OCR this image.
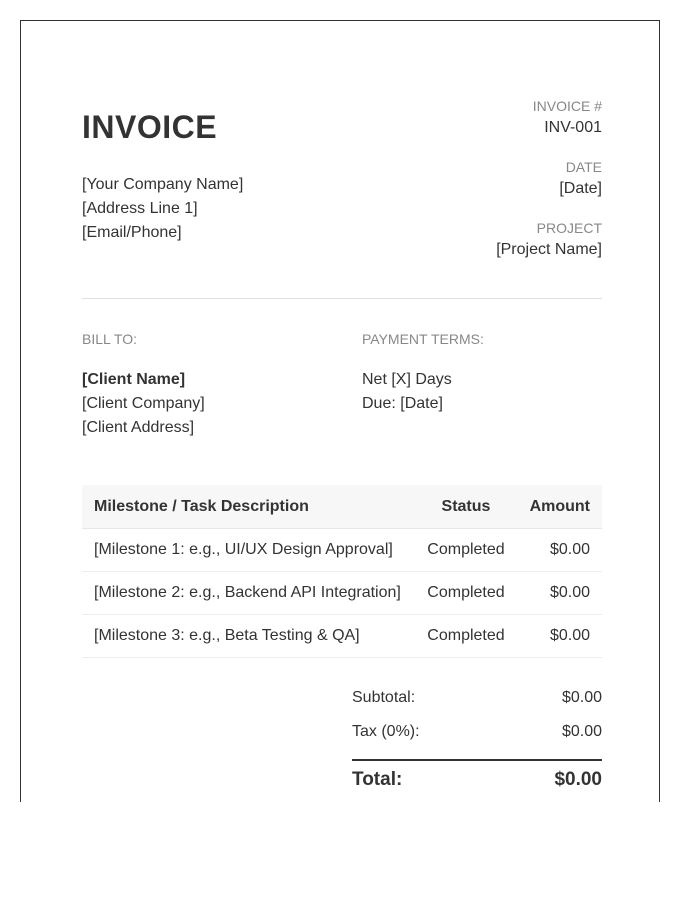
INVOICE
[Your Company Name]
[Address Line 1]
[Email/Phone]
INVOICE #
INV-001
DATE
[Date]
PROJECT
[Project Name]
BILL TO:
[Client Name]
[Client Company]
[Client Address]
PAYMENT TERMS:
Net [X] Days
Due: [Date]
Milestone / Task Description	Status	Amount
[Milestone 1: e.g., UI/UX Design Approval]	Completed	$0.00
[Milestone 2: e.g., Backend API Integration]	Completed	$0.00
[Milestone 3: e.g., Beta Testing & QA]	Completed	$0.00
Subtotal:	$0.00
Tax (0%):	$0.00
Total:	$0.00
